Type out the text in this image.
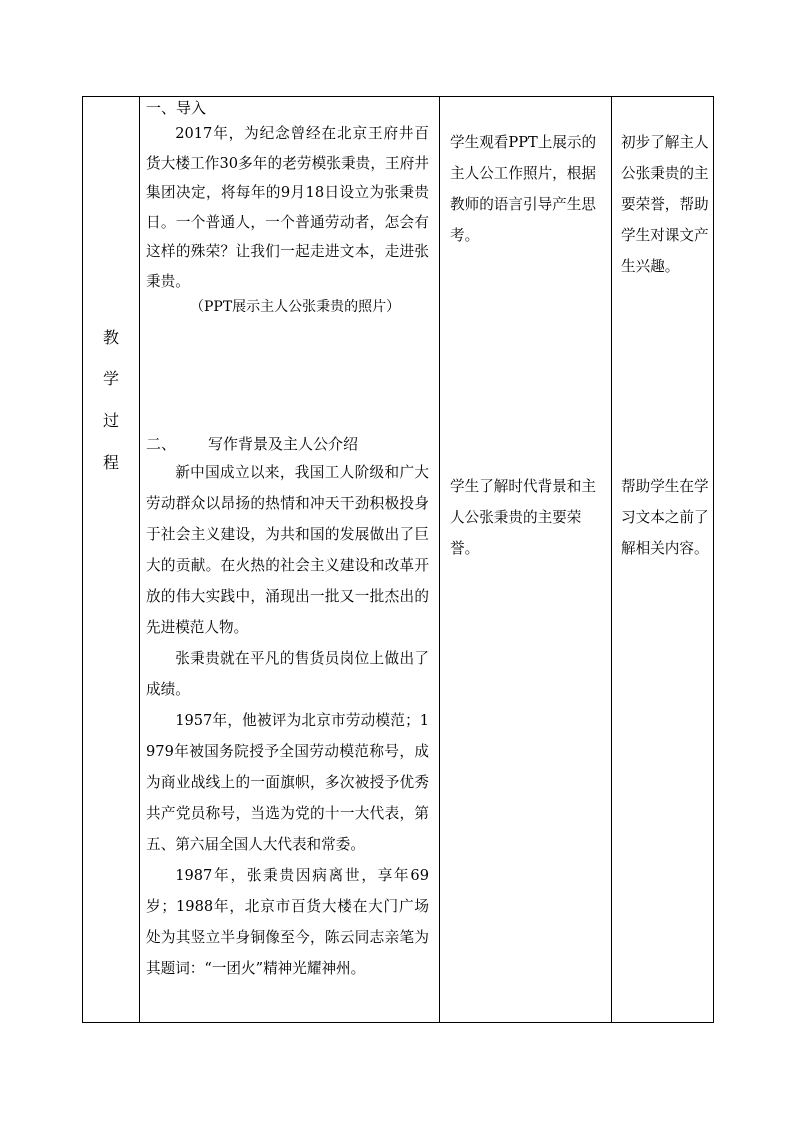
教
学
过
程
一、导入

2017年，为纪念曾经在北京王府井百货大楼工作30多年的老劳模张秉贵，王府井集团决定，将每年的9月18日设立为张秉贵日。一个普通人，一个普通劳动者，怎会有这样的殊荣？让我们一起走进文本，走进张秉贵。

（PPT展示主人公张秉贵的照片）

学生观看PPT上展示的主人公工作照片，根据教师的语言引导产生思考。

初步了解主人公张秉贵的主要荣誉，帮助学生对课文产生兴趣。

二、 写作背景及主人公介绍

新中国成立以来，我国工人阶级和广大劳动群众以昂扬的热情和冲天干劲积极投身于社会主义建设，为共和国的发展做出了巨大的贡献。在火热的社会主义建设和改革开放的伟大实践中，涌现出一批又一批杰出的先进模范人物。

张秉贵就在平凡的售货员岗位上做出了成绩。

1957年，他被评为北京市劳动模范；1979年被国务院授予全国劳动模范称号，成为商业战线上的一面旗帜，多次被授予优秀共产党员称号，当选为党的十一大代表，第五、第六届全国人大代表和常委。

1987年，张秉贵因病离世，享年69岁；1988年，北京市百货大楼在大门广场处为其竖立半身铜像至今，陈云同志亲笔为其题词：“一团火”精神光耀神州。

学生了解时代背景和主人公张秉贵的主要荣誉。

帮助学生在学习文本之前了解相关内容。
